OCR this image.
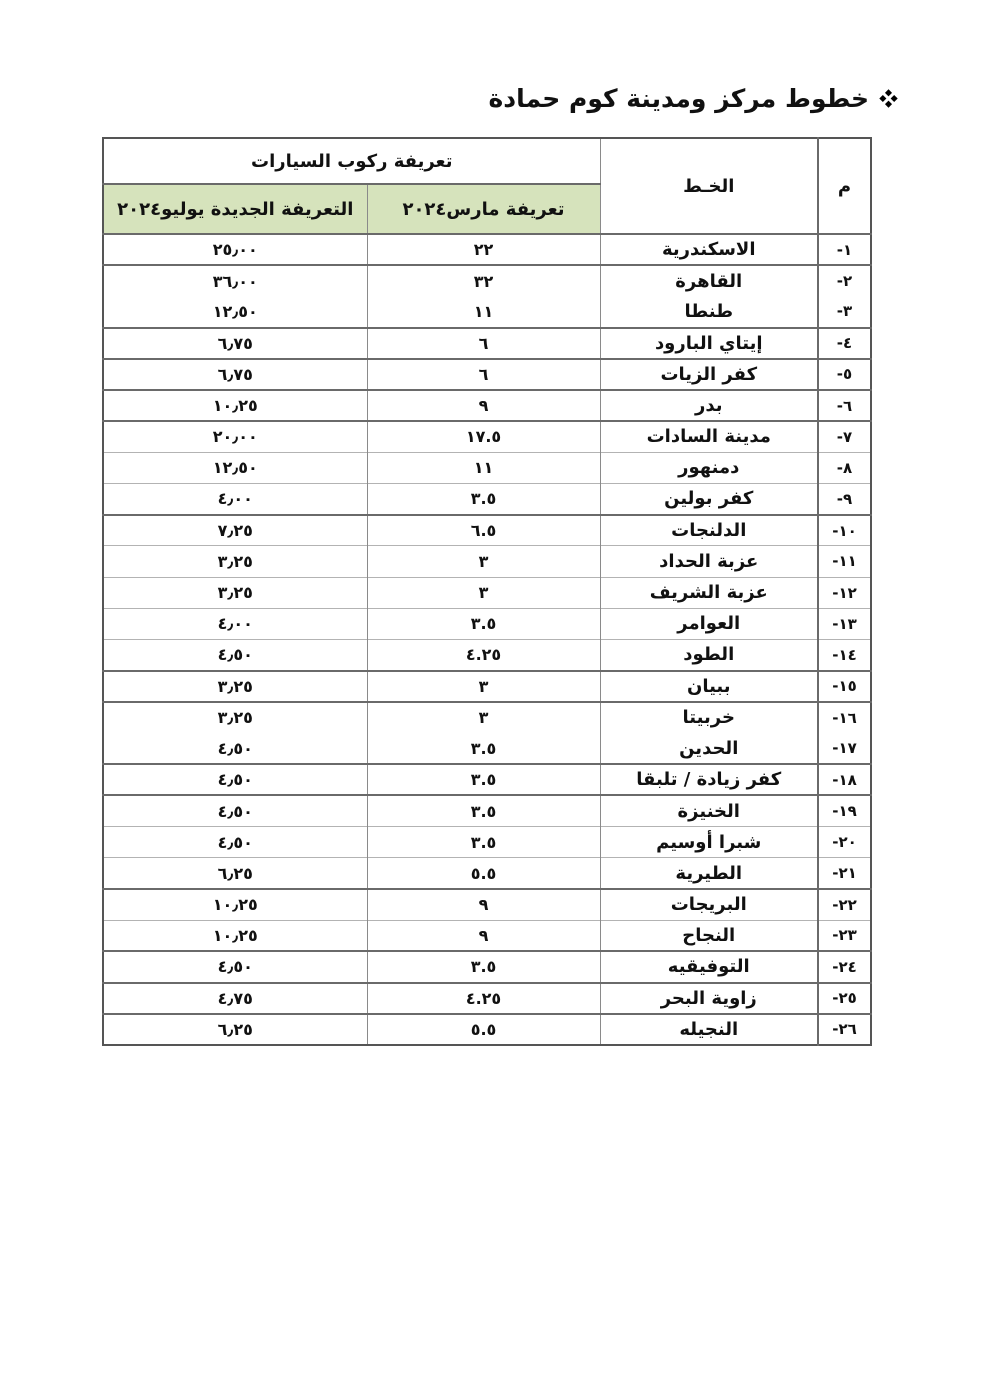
خطوط مركز ومدينة كوم حمادة
م	الخـط	تعريفة ركوب السيارات	
		تعريفة مارس٢٠٢٤	التعريفة الجديدة يوليو٢٠٢٤
١-	الاسكندرية	٢٢	٢٥٫٠٠
٢-	القاهرة	٣٢	٣٦٫٠٠
٣-	طنطا	١١	١٢٫٥٠
٤-	إيتاي البارود	٦	٦٫٧٥
٥-	كفر الزيات	٦	٦٫٧٥
٦-	بدر	٩	١٠٫٢٥
٧-	مدينة السادات	١٧.٥	٢٠٫٠٠
٨-	دمنهور	١١	١٢٫٥٠
٩-	كفر بولين	٣.٥	٤٫٠٠
١٠-	الدلنجات	٦.٥	٧٫٢٥
١١-	عزبة الحداد	٣	٣٫٢٥
١٢-	عزبة الشريف	٣	٣٫٢٥
١٣-	العوامر	٣.٥	٤٫٠٠
١٤-	الطود	٤.٢٥	٤٫٥٠
١٥-	ببيان	٣	٣٫٢٥
١٦-	خربيتا	٣	٣٫٢٥
١٧-	الحدين	٣.٥	٤٫٥٠
١٨-	كفر زيادة / تلبقا	٣.٥	٤٫٥٠
١٩-	الخنيزة	٣.٥	٤٫٥٠
٢٠-	شبرا أوسيم	٣.٥	٤٫٥٠
٢١-	الطيرية	٥.٥	٦٫٢٥
٢٢-	البريجات	٩	١٠٫٢٥
٢٣-	النجاح	٩	١٠٫٢٥
٢٤-	التوفيقيه	٣.٥	٤٫٥٠
٢٥-	زاوية البحر	٤.٢٥	٤٫٧٥
٢٦-	النجيله	٥.٥	٦٫٢٥
